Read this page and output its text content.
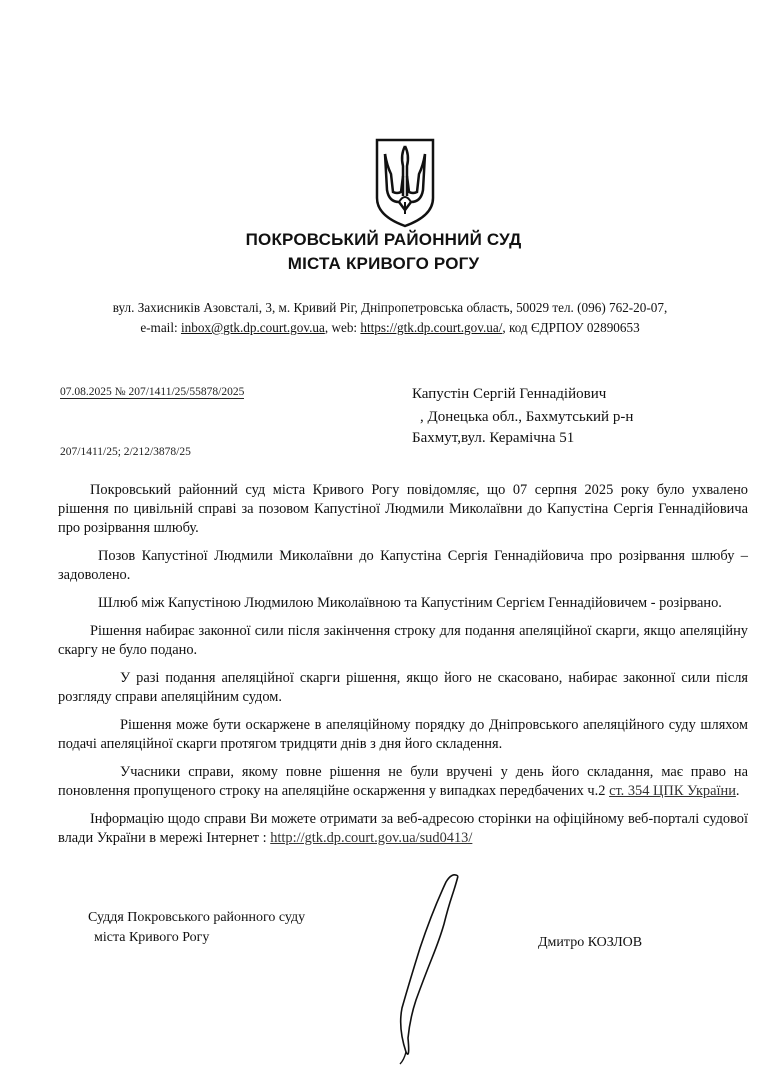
ПОКРОВСЬКИЙ РАЙОННИЙ СУД
МІСТА КРИВОГО РОГУ
вул. Захисників Азовсталі, 3, м. Кривий Ріг, Дніпропетровська область, 50029 тел. (096) 762-20-07,
e-mail: inbox@gtk.dp.court.gov.ua, web: https://gtk.dp.court.gov.ua/, код ЄДРПОУ 02890653
07.08.2025 № 207/1411/25/55878/2025
207/1411/25; 2/212/3878/25
Капустін Сергій Геннадійович
, Донецька обл., Бахмутський р-н
Бахмут,вул. Керамічна 51

Покровський районний суд міста Кривого Рогу повідомляє, що 07 серпня 2025 року було ухвалено рішення по цивільній справі за позовом Капустіної Людмили Миколаївни до Капустіна Сергія Геннадійовича про розірвання шлюбу.

Позов Капустіної Людмили Миколаївни до Капустіна Сергія Геннадійовича про розірвання шлюбу – задоволено.

Шлюб між Капустіною Людмилою Миколаївною та Капустіним Сергієм Геннадійовичем - розірвано.

Рішення набирає законної сили після закінчення строку для подання апеляційної скарги, якщо апеляційну скаргу не було подано.

У разі подання апеляційної скарги рішення, якщо його не скасовано, набирає законної сили після розгляду справи апеляційним судом.

Рішення може бути оскаржене в апеляційному порядку до Дніпровського апеляційного суду шляхом подачі апеляційної скарги протягом тридцяти днів з дня його складення.

Учасники справи, якому повне рішення не були вручені у день його складання, має право на поновлення пропущеного строку на апеляційне оскарження у випадках передбачених ч.2 ст. 354 ЦПК України.

Інформацію щодо справи Ви можете отримати за веб-адресою сторінки на офіційному веб-порталі судової влади України в мережі Інтернет : http://gtk.dp.court.gov.ua/sud0413/

Суддя Покровського районного суду
міста Кривого Рогу	Дмитро КОЗЛОВ
